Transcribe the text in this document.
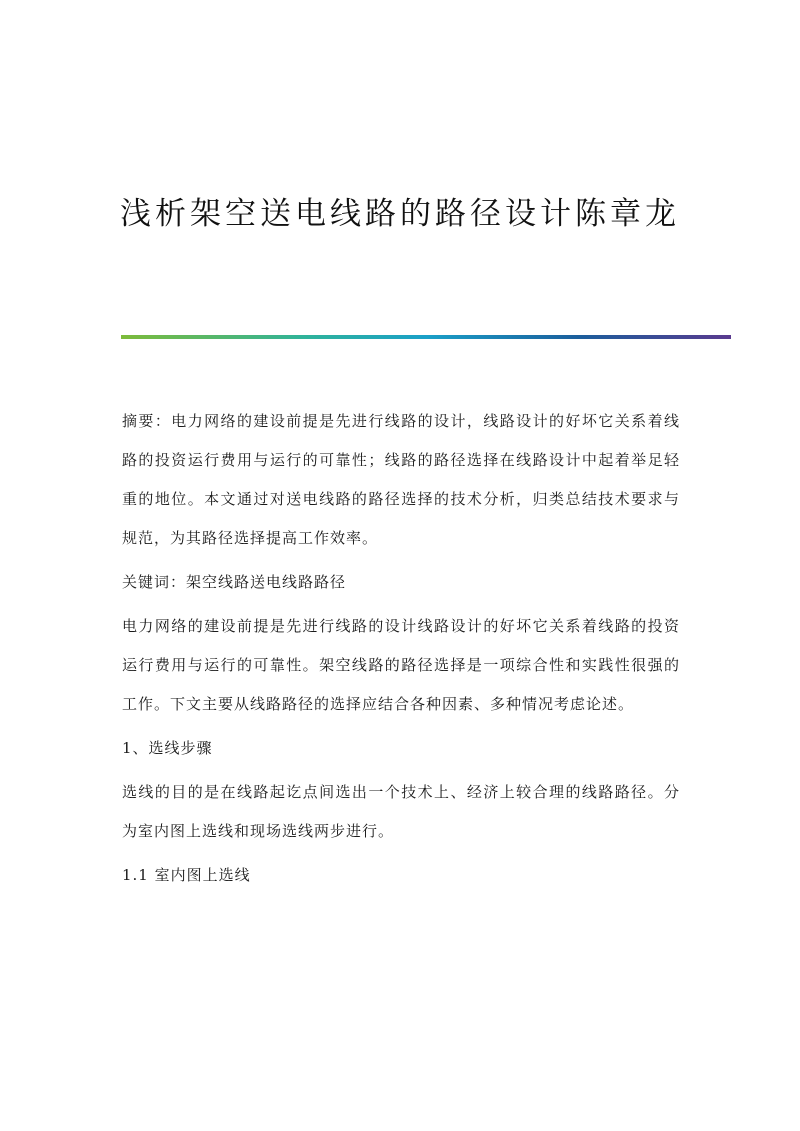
浅析架空送电线路的路径设计陈章龙

摘要：电力网络的建设前提是先进行线路的设计，线路设计的好坏它关系着线路的投资运行费用与运行的可靠性；线路的路径选择在线路设计中起着举足轻重的地位。本文通过对送电线路的路径选择的技术分析，归类总结技术要求与规范，为其路径选择提高工作效率。

关键词：架空线路送电线路路径

电力网络的建设前提是先进行线路的设计线路设计的好坏它关系着线路的投资运行费用与运行的可靠性。架空线路的路径选择是一项综合性和实践性很强的工作。下文主要从线路路径的选择应结合各种因素、多种情况考虑论述。

1、选线步骤

选线的目的是在线路起讫点间选出一个技术上、经济上较合理的线路路径。分为室内图上选线和现场选线两步进行。

1.1 室内图上选线
